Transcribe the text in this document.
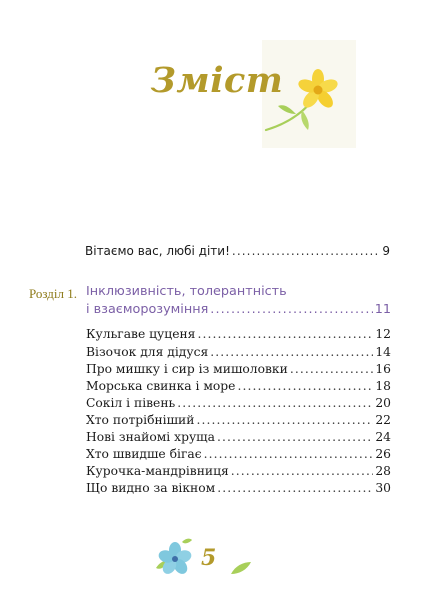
Зміст
Вітаємо вас, любі діти! .....	9
Розділ 1. Інклюзивність, толерантність
і взаєморозуміння .....	11
Кульгаве цуценя .....	12
Візочок для дідуся .....	14
Про мишку і сир із мишоловки .....	16
Морська свинка і море .....	18
Сокіл і півень .....	20
Хто потрібніший .....	22
Нові знайомі хруща .....	24
Хто швидше бігає .....	26
Курочка-мандрівниця .....	28
Що видно за вікном .....	30
5
